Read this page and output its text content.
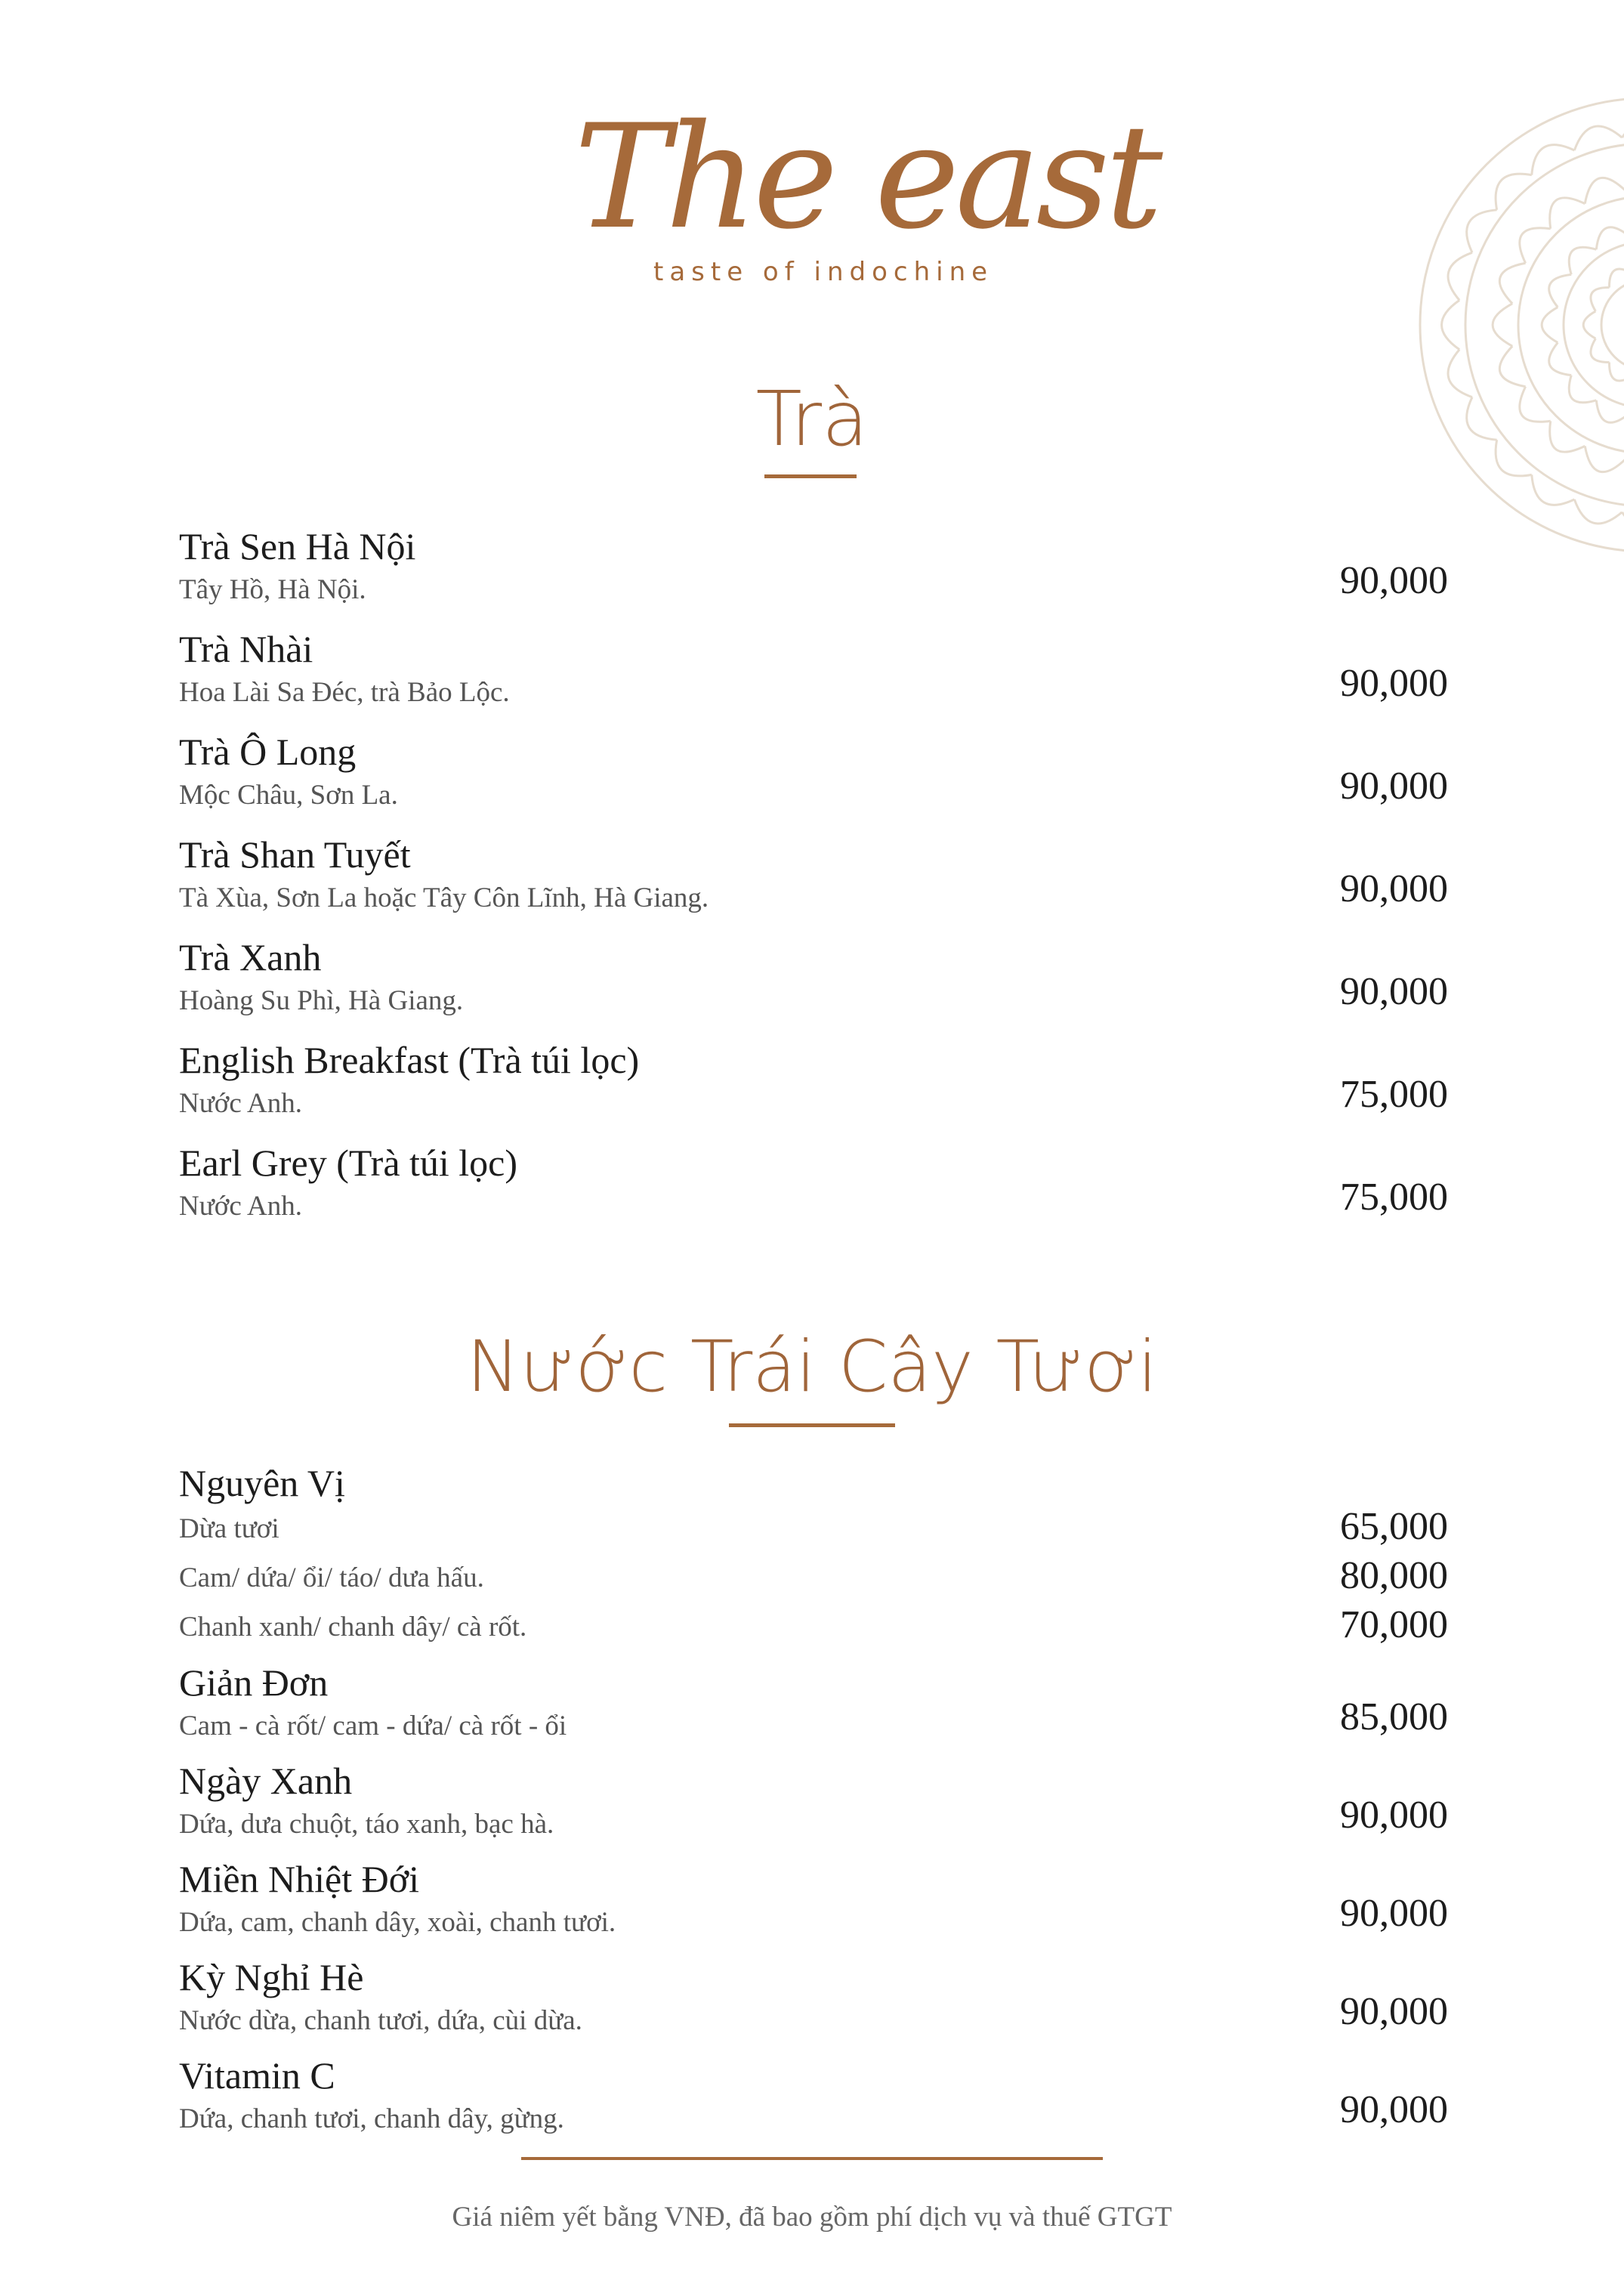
The east
taste of indochine
Trà
Trà Sen Hà Nội
Tây Hồ, Hà Nội.	90,000
Trà Nhài
Hoa Lài Sa Đéc, trà Bảo Lộc.	90,000
Trà Ô Long
Mộc Châu, Sơn La.	90,000
Trà Shan Tuyết
Tà Xùa, Sơn La hoặc Tây Côn Lĩnh, Hà Giang.	90,000
Trà Xanh
Hoàng Su Phì, Hà Giang.	90,000
English Breakfast (Trà túi lọc)
Nước Anh.	75,000
Earl Grey (Trà túi lọc)
Nước Anh.	75,000
Nước Trái Cây Tươi
Nguyên Vị
Dừa tươi	65,000
Cam/ dứa/ ổi/ táo/ dưa hấu.	80,000
Chanh xanh/ chanh dây/ cà rốt.	70,000
Giản Đơn
Cam - cà rốt/ cam - dứa/ cà rốt - ổi	85,000
Ngày Xanh
Dứa, dưa chuột, táo xanh, bạc hà.	90,000
Miền Nhiệt Đới
Dứa, cam, chanh dây, xoài, chanh tươi.	90,000
Kỳ Nghỉ Hè
Nước dừa, chanh tươi, dứa, cùi dừa.	90,000
Vitamin C
Dứa, chanh tươi, chanh dây, gừng.	90,000
Giá niêm yết bằng VNĐ, đã bao gồm phí dịch vụ và thuế GTGT
